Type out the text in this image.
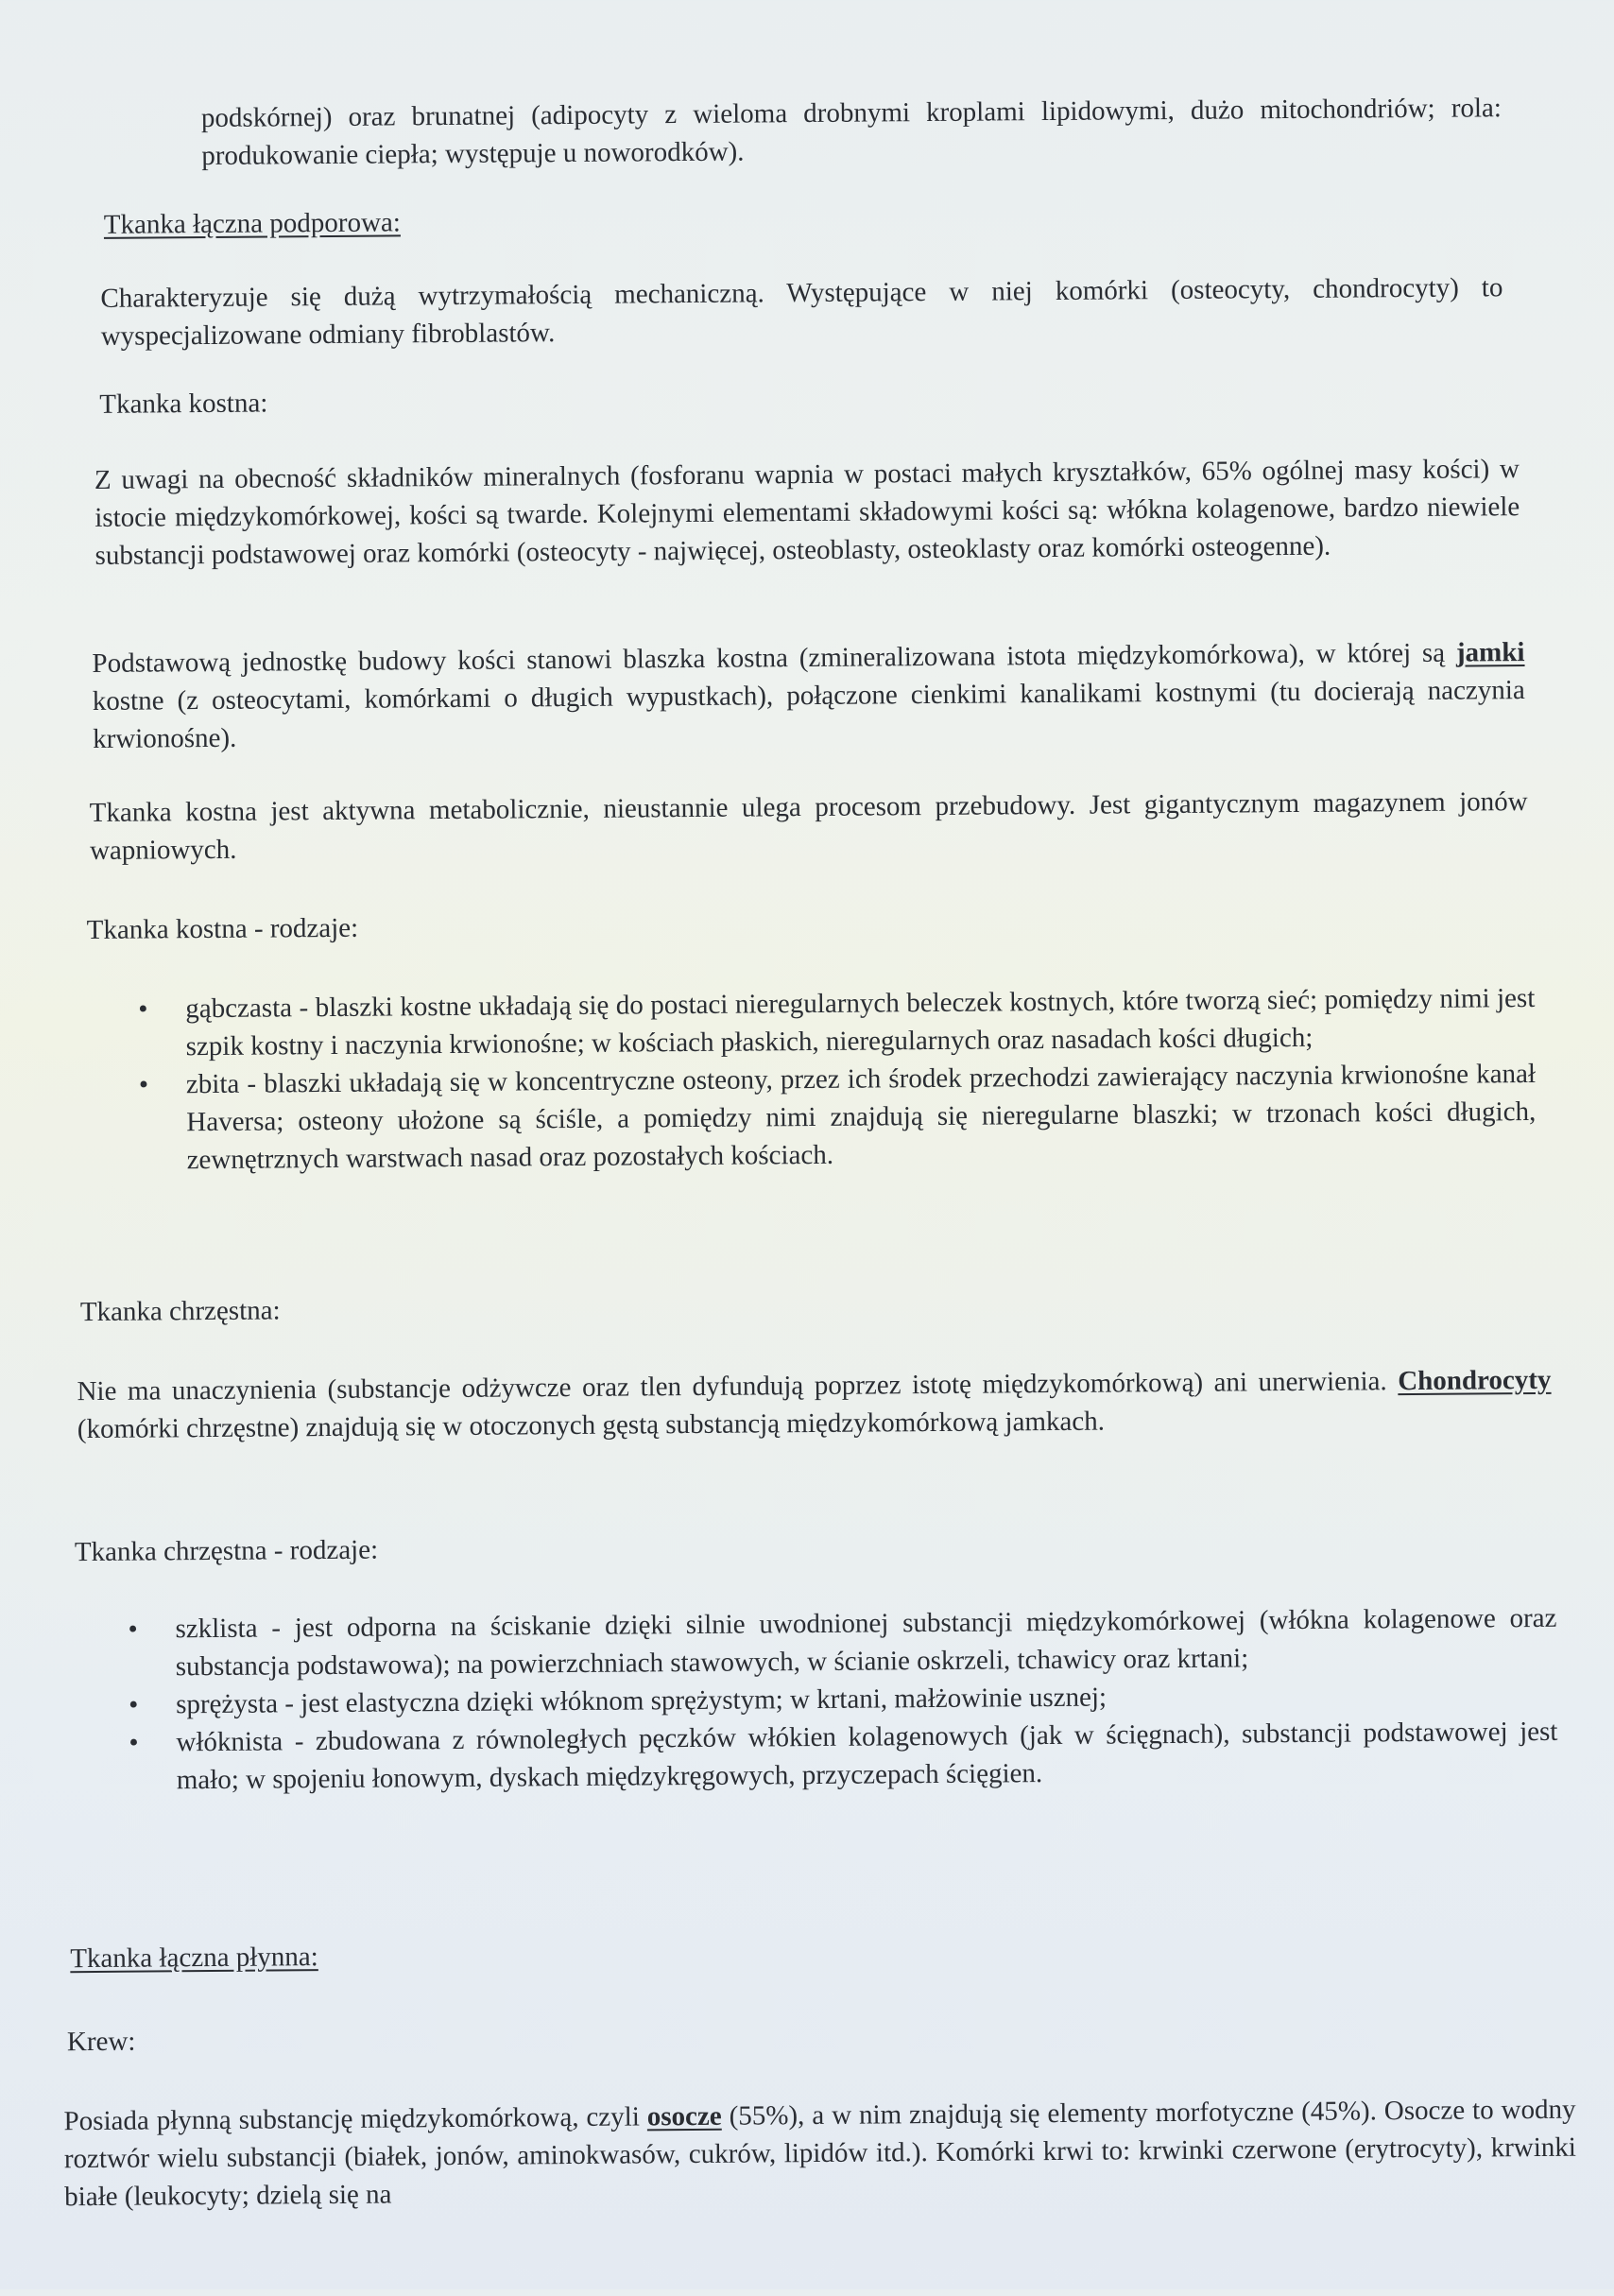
podskórnej) oraz brunatnej (adipocyty z wieloma drobnymi kroplami lipidowymi, dużo mitochondriów; rola: produkowanie ciepła; występuje u noworodków).

Tkanka łączna podporowa:

Charakteryzuje się dużą wytrzymałością mechaniczną. Występujące w niej komórki (osteocyty, chondrocyty) to wyspecjalizowane odmiany fibroblastów.

Tkanka kostna:

Z uwagi na obecność składników mineralnych (fosforanu wapnia w postaci małych kryształków, 65% ogólnej masy kości) w istocie międzykomórkowej, kości są twarde. Kolejnymi elementami składowymi kości są: włókna kolagenowe, bardzo niewiele substancji podstawowej oraz komórki (osteocyty - najwięcej, osteoblasty, osteoklasty oraz komórki osteogenne).

Podstawową jednostkę budowy kości stanowi blaszka kostna (zmineralizowana istota międzykomórkowa), w której są jamki kostne (z osteocytami, komórkami o długich wypustkach), połączone cienkimi kanalikami kostnymi (tu docierają naczynia krwionośne).

Tkanka kostna jest aktywna metabolicznie, nieustannie ulega procesom przebudowy. Jest gigantycznym magazynem jonów wapniowych.

Tkanka kostna - rodzaje:
• gąbczasta - blaszki kostne układają się do postaci nieregularnych beleczek kostnych, które tworzą sieć; pomiędzy nimi jest szpik kostny i naczynia krwionośne; w kościach płaskich, nieregularnych oraz nasadach kości długich;
• zbita - blaszki układają się w koncentryczne osteony, przez ich środek przechodzi zawierający naczynia krwionośne kanał Haversa; osteony ułożone są ściśle, a pomiędzy nimi znajdują się nieregularne blaszki; w trzonach kości długich, zewnętrznych warstwach nasad oraz pozostałych kościach.
Tkanka chrzęstna:

Nie ma unaczynienia (substancje odżywcze oraz tlen dyfundują poprzez istotę międzykomórkową) ani unerwienia. Chondrocyty (komórki chrzęstne) znajdują się w otoczonych gęstą substancją międzykomórkową jamkach.

Tkanka chrzęstna - rodzaje:
• szklista - jest odporna na ściskanie dzięki silnie uwodnionej substancji międzykomórkowej (włókna kolagenowe oraz substancja podstawowa); na powierzchniach stawowych, w ścianie oskrzeli, tchawicy oraz krtani;
• sprężysta - jest elastyczna dzięki włóknom sprężystym; w krtani, małżowinie usznej;
• włóknista - zbudowana z równoległych pęczków włókien kolagenowych (jak w ścięgnach), substancji podstawowej jest mało; w spojeniu łonowym, dyskach międzykręgowych, przyczepach ścięgien.
Tkanka łączna płynna:
Krew:

Posiada płynną substancję międzykomórkową, czyli osocze (55%), a w nim znajdują się elementy morfotyczne (45%). Osocze to wodny roztwór wielu substancji (białek, jonów, aminokwasów, cukrów, lipidów itd.). Komórki krwi to: krwinki czerwone (erytrocyty), krwinki białe (leukocyty; dzielą się na
